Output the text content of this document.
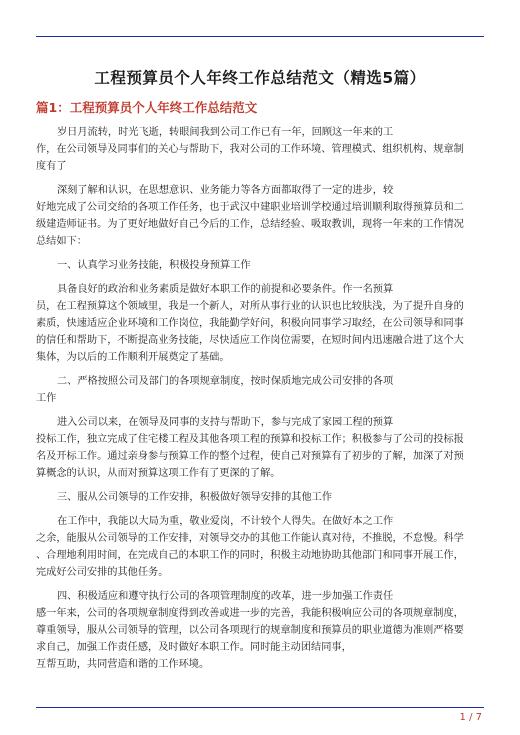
工程预算员个人年终工作总结范文（精选5篇）
篇1：工程预算员个人年终工作总结范文

岁日月流转，时光飞逝，转眼间我到公司工作已有一年，回顾这一年来的工
作，在公司领导及同事们的关心与帮助下，我对公司的工作环境、管理模式、组织机构、规章制
度有了

深刻了解和认识，在思想意识、业务能力等各方面都取得了一定的进步，较
好地完成了公司交给的各项工作任务，也于武汉中建职业培训学校通过培训顺利取得预算员和二
级建造师证书。为了更好地做好自己今后的工作，总结经验、吸取教训，现将一年来的工作情况
总结如下：

一、认真学习业务技能，积极投身预算工作

具备良好的政治和业务素质是做好本职工作的前提和必要条件。作一名预算
员，在工程预算这个领域里，我是一个新人，对所从事行业的认识也比较肤浅，为了提升自身的
素质，快速适应企业环境和工作岗位，我能勤学好问，积极向同事学习取经，在公司领导和同事
的信任和帮助下，不断提高业务技能，尽快适应工作岗位需要，在短时间内迅速融合进了这个大
集体，为以后的工作顺利开展奠定了基础。

二、严格按照公司及部门的各项规章制度，按时保质地完成公司安排的各项
工作

进入公司以来，在领导及同事的支持与帮助下，参与完成了家园工程的预算
投标工作，独立完成了住宅楼工程及其他各项工程的预算和投标工作；积极参与了公司的投标报
名及开标工作。通过亲身参与预算工作的整个过程，使自己对预算有了初步的了解，加深了对预
算概念的认识，从而对预算这项工作有了更深的了解。

三、服从公司领导的工作安排，积极做好领导安排的其他工作

在工作中，我能以大局为重，敬业爱岗，不计较个人得失。在做好本之工作
之余，能服从公司领导的工作安排，对领导交办的其他工作能认真对待，不推脱，不怠慢。科学
、合理地利用时间，在完成自己的本职工作的同时，积极主动地协助其他部门和同事开展工作，
完成好公司安排的其他任务。

四、积极适应和遵守执行公司的各项管理制度的改革，进一步加强工作责任
感一年来，公司的各项规章制度得到改善或进一步的完善，我能积极响应公司的各项规章制度，
尊重领导，服从公司领导的管理，以公司各项现行的规章制度和预算员的职业道德为准则严格要
求自己，加强工作责任感，及时做好本职工作。同时能主动团结同事，
互帮互助，共同营造和谐的工作环境。

1 / 7
